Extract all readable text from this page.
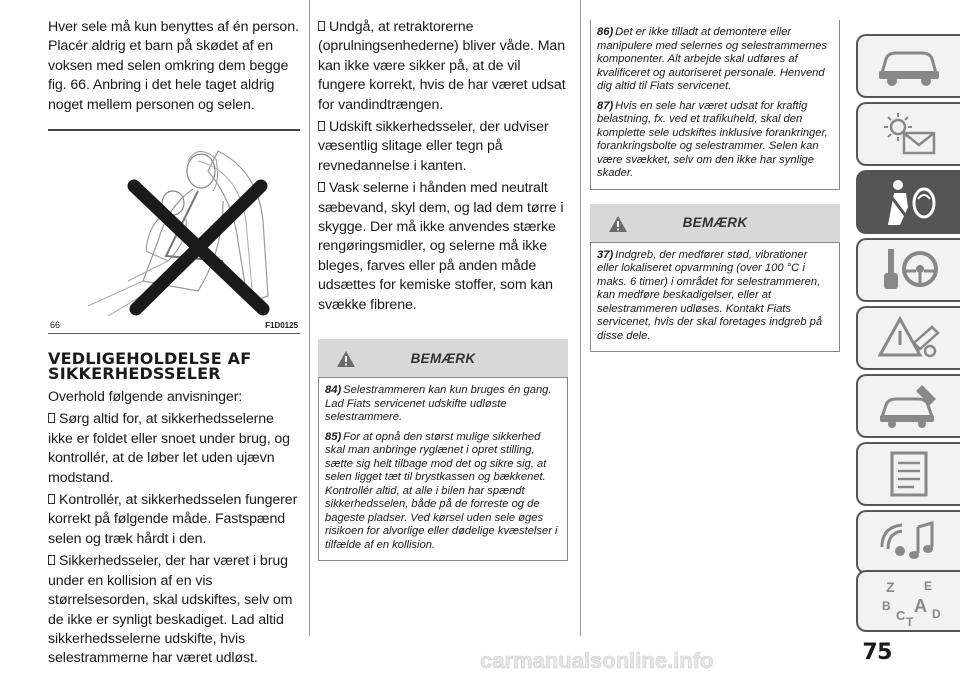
Hver sele må kun benyttes af én person. Placér aldrig et barn på skødet af en voksen med selen omkring dem begge fig. 66. Anbring i det hele taget aldrig noget mellem personen og selen.

66	F1D0125
VEDLIGEHOLDELSE AF SIKKERHEDSSELER

Overhold følgende anvisninger:

Sørg altid for, at sikkerhedsselerne ikke er foldet eller snoet under brug, og kontrollér, at de løber let uden ujævn modstand.

Kontrollér, at sikkerhedsselen fungerer korrekt på følgende måde. Fastspænd selen og træk hårdt i den.

Sikkerhedsseler, der har været i brug under en kollision af en vis størrelsesorden, skal udskiftes, selv om de ikke er synligt beskadiget. Lad altid sikkerhedsselerne udskifte, hvis selestrammerne har været udløst.

Undgå, at retraktorerne (oprulningsenhederne) bliver våde. Man kan ikke være sikker på, at de vil fungere korrekt, hvis de har været udsat for vandindtrængen.

Udskift sikkerhedsseler, der udviser væsentlig slitage eller tegn på revnedannelse i kanten.

Vask selerne i hånden med neutralt sæbevand, skyl dem, og lad dem tørre i skygge. Der må ikke anvendes stærke rengøringsmidler, og selerne må ikke bleges, farves eller på anden måde udsættes for kemiske stoffer, som kan svække fibrene.

BEMÆRK

84) Selestrammeren kan kun bruges én gang. Lad Fiats servicenet udskifte udløste selestrammere.

85) For at opnå den størst mulige sikkerhed skal man anbringe ryglænet i opret stilling, sætte sig helt tilbage mod det og sikre sig, at selen ligget tæt til brystkassen og bækkenet. Kontrollér altid, at alle i bilen har spændt sikkerhedsselen, både på de forreste og de bageste pladser. Ved kørsel uden sele øges risikoen for alvorlige eller dødelige kvæstelser i tilfælde af en kollision.

86) Det er ikke tilladt at demontere eller manipulere med selernes og selestrammernes komponenter. Alt arbejde skal udføres af kvalificeret og autoriseret personale. Henvend dig altid til Fiats servicenet.

87) Hvis en sele har været udsat for kraftig belastning, fx. ved et trafikuheld, skal den komplette sele udskiftes inklusive forankringer, forankringsbolte og selestrammer. Selen kan være svækket, selv om den ikke har synlige skader.

BEMÆRK

37) Indgreb, der medfører stød, vibrationer eller lokaliseret opvarmning (over 100 °C i maks. 6 timer) i området for selestrammeren, kan medføre beskadigelser, eller at selestrammeren udløses. Kontakt Fiats servicenet, hvis der skal foretages indgreb på disse dele.

Z E
B A
C D
T
75
carmanualsonline.info
